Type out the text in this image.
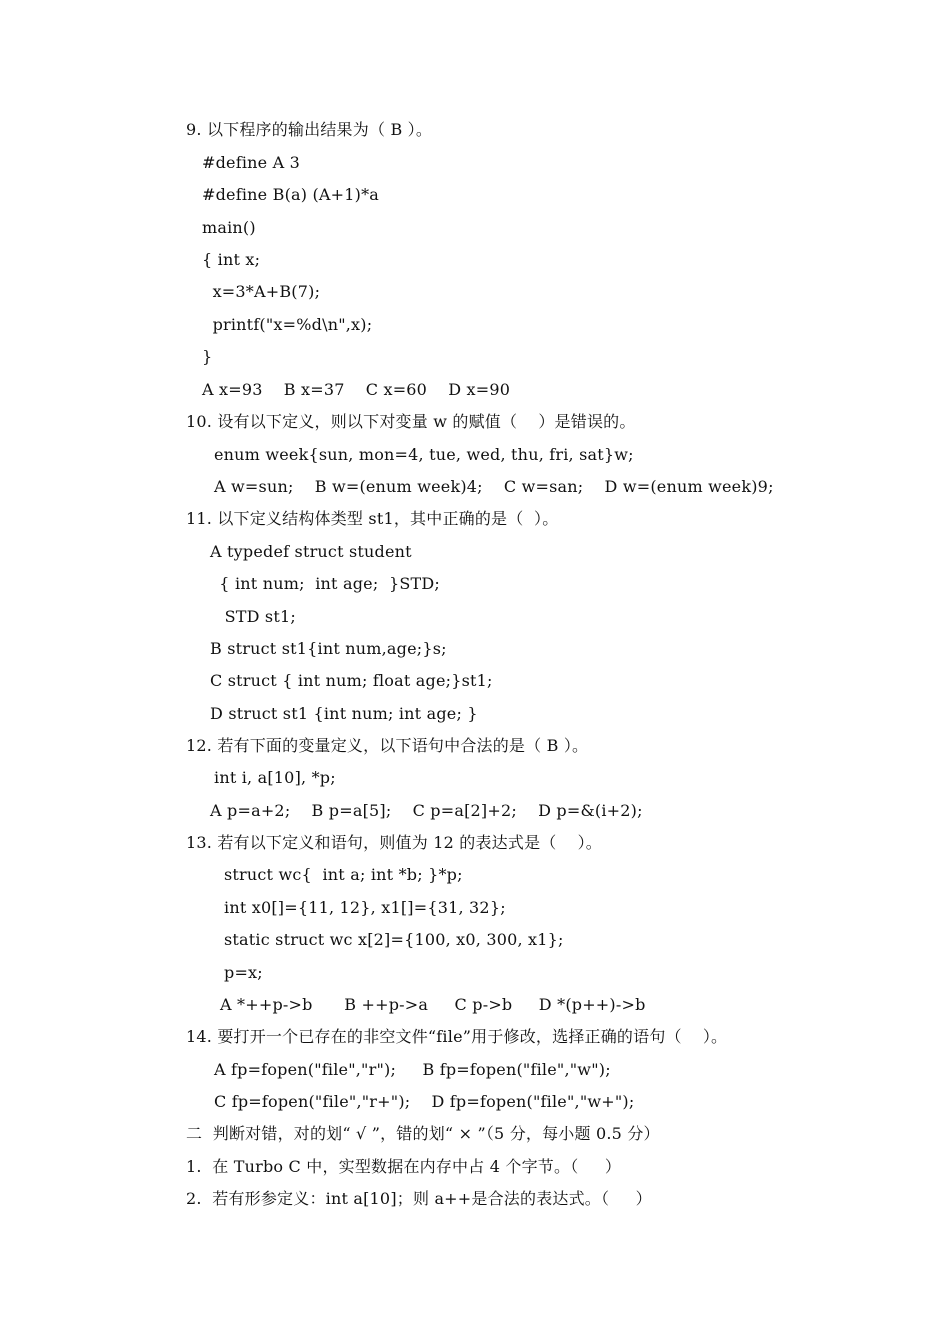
9. 以下程序的输出结果为（ B ）。
#define A 3
#define B(a) (A+1)*a
main()
{ int x;
x=3*A+B(7);
printf("x=%d\n",x);
}
A x=93    B x=37    C x=60    D x=90
10. 设有以下定义，则以下对变量 w 的赋值（    ）是错误的。
enum week{sun, mon=4, tue, wed, thu, fri, sat}w;
A w=sun;    B w=(enum week)4;    C w=san;    D w=(enum week)9;
11. 以下定义结构体类型 st1，其中正确的是（  ）。
A typedef struct student
{ int num;  int age;  }STD;
STD st1;
B struct st1{int num,age;}s;
C struct { int num; float age;}st1;
D struct st1 {int num; int age; }
12. 若有下面的变量定义，以下语句中合法的是（ B ）。
int i, a[10], *p;
A p=a+2;    B p=a[5];    C p=a[2]+2;    D p=&(i+2);
13. 若有以下定义和语句，则值为 12 的表达式是（    ）。
struct wc{  int a; int *b; }*p;
int x0[]={11, 12}, x1[]={31, 32};
static struct wc x[2]={100, x0, 300, x1};
p=x;
A *++p->b      B ++p->a     C p->b     D *(p++)->b
14. 要打开一个已存在的非空文件“file”用于修改，选择正确的语句（    ）。
A fp=fopen("file","r");     B fp=fopen("file","w");
C fp=fopen("file","r+");    D fp=fopen("file","w+");
二  判断对错，对的划“ √ ”，错的划“ × ”（5 分，每小题 0.5 分）
1.  在 Turbo C 中，实型数据在内存中占 4 个字节。（     ）
2.  若有形参定义：int a[10]；则 a++是合法的表达式。（     ）
